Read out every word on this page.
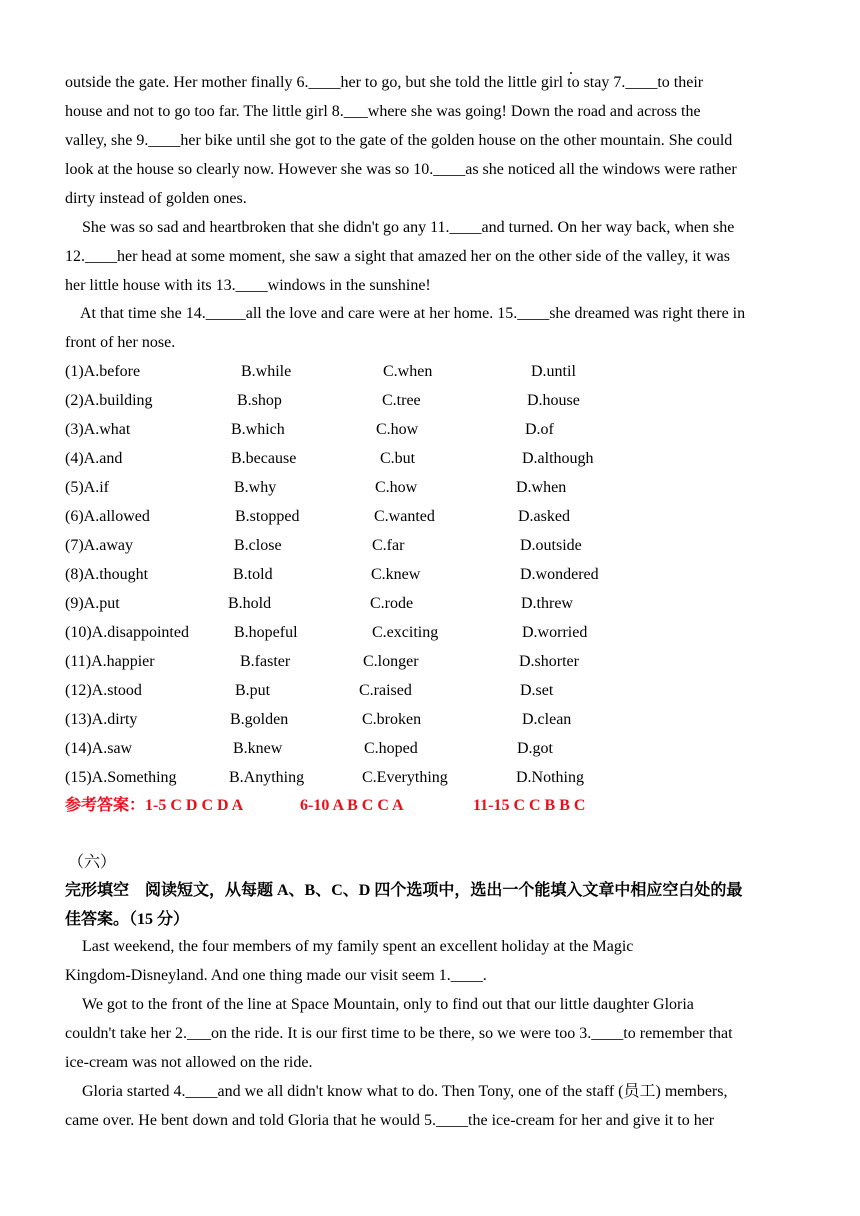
outside the gate. Her mother finally 6.____her to go, but she told the little girl to stay 7.____to their
house and not to go too far. The little girl 8.___where she was going! Down the road and across the
valley, she 9.____her bike until she got to the gate of the golden house on the other mountain. She could
look at the house so clearly now. However she was so 10.____as she noticed all the windows were rather
dirty instead of golden ones.

She was so sad and heartbroken that she didn't go any 11.____and turned. On her way back, when she
12.____her head at some moment, she saw a sight that amazed her on the other side of the valley, it was
her little house with its 13.____windows in the sunshine!

At that time she 14._____all the love and care were at her home. 15.____she dreamed was right there in
front of her nose.

(1)A.before	B.while	C.when	D.until
(2)A.building	B.shop	C.tree	D.house
(3)A.what	B.which	C.how	D.of
(4)A.and	B.because	C.but	D.although
(5)A.if	B.why	C.how	D.when
(6)A.allowed	B.stopped	C.wanted	D.asked
(7)A.away	B.close	C.far	D.outside
(8)A.thought	B.told	C.knew	D.wondered
(9)A.put	B.hold	C.rode	D.threw
(10)A.disappointed	B.hopeful	C.exciting	D.worried
(11)A.happier	B.faster	C.longer	D.shorter
(12)A.stood	B.put	C.raised	D.set
(13)A.dirty	B.golden	C.broken	D.clean
(14)A.saw	B.knew	C.hoped	D.got
(15)A.Something	B.Anything	C.Everything	D.Nothing
参考答案：1-5 C D C D A	6-10 A B C C A	11-15 C C B B C
（六）
完形填空　阅读短文，从每题 A、B、C、D 四个选项中，选出一个能填入文章中相应空白处的最
佳答案。（15 分）

Last weekend, the four members of my family spent an excellent holiday at the Magic
Kingdom-Disneyland. And one thing made our visit seem 1.____.
We got to the front of the line at Space Mountain, only to find out that our little daughter Gloria
couldn't take her 2.___on the ride. It is our first time to be there, so we were too 3.____to remember that
ice-cream was not allowed on the ride.
Gloria started 4.____and we all didn't know what to do. Then Tony, one of the staff (员工) members,
came over. He bent down and told Gloria that he would 5.____the ice-cream for her and give it to her
